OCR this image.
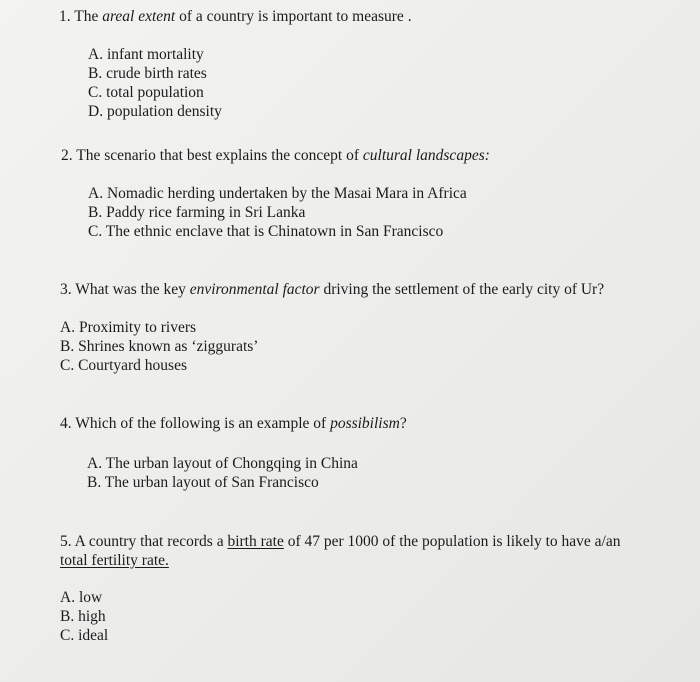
1. The areal extent of a country is important to measure .
A. infant mortality
B. crude birth rates
C. total population
D. population density
2. The scenario that best explains the concept of cultural landscapes:
A. Nomadic herding undertaken by the Masai Mara in Africa
B. Paddy rice farming in Sri Lanka
C. The ethnic enclave that is Chinatown in San Francisco
3. What was the key environmental factor driving the settlement of the early city of Ur?
A. Proximity to rivers
B. Shrines known as ‘ziggurats’
C. Courtyard houses
4. Which of the following is an example of possibilism?
A. The urban layout of Chongqing in China
B. The urban layout of San Francisco
5. A country that records a birth rate of 47 per 1000 of the population is likely to have a/an
total fertility rate.
A. low
B. high
C. ideal
